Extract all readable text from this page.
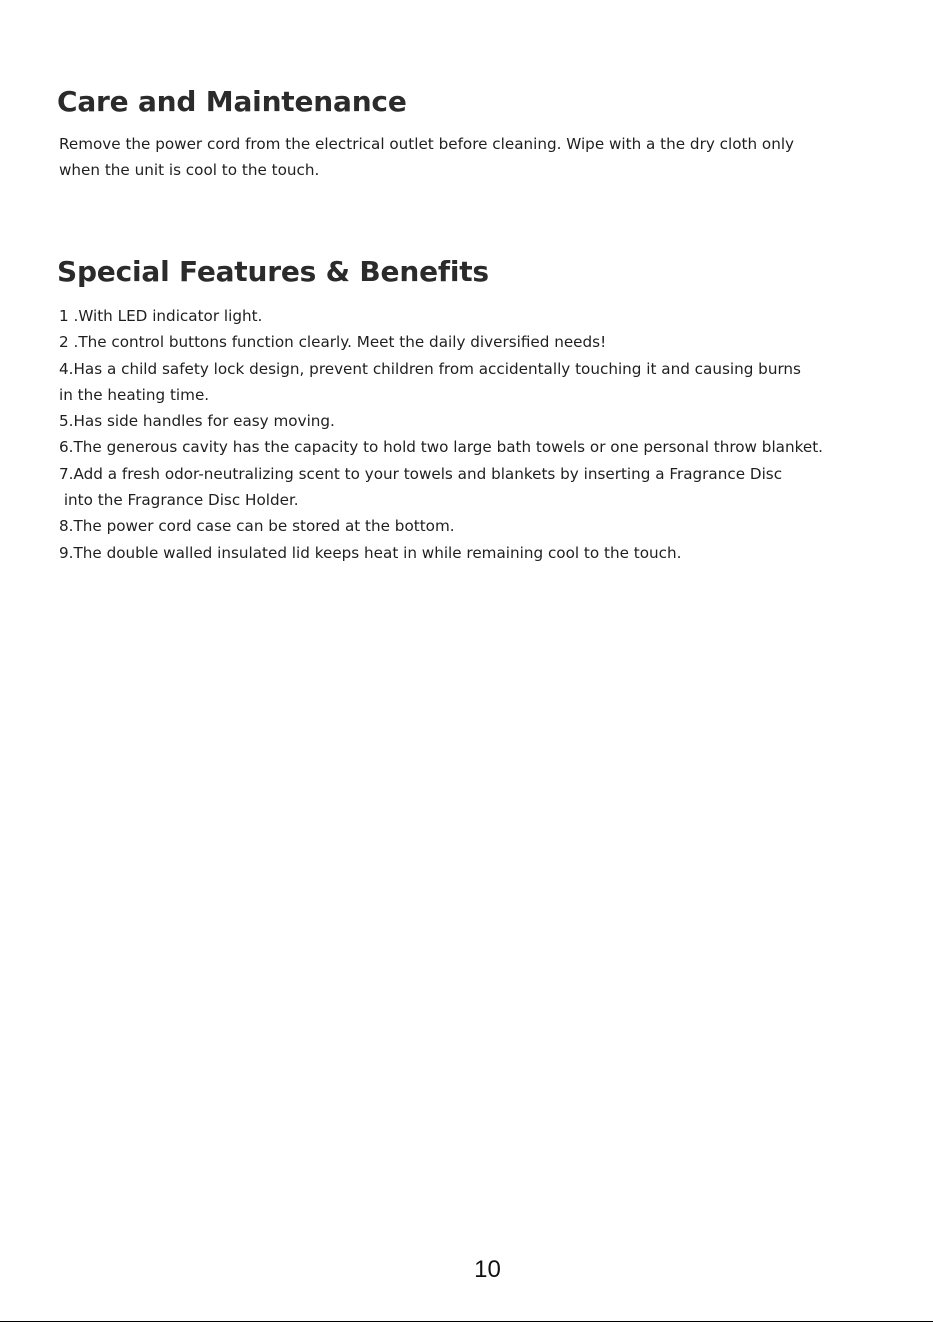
Care and Maintenance

Remove the power cord from the electrical outlet before cleaning. Wipe with a the dry cloth only
when the unit is cool to the touch.

Special Features & Benefits
1 .With LED indicator light.
2 .The control buttons function clearly. Meet the daily diversified needs!
4.Has a child safety lock design, prevent children from accidentally touching it and causing burns
in the heating time.
5.Has side handles for easy moving.
6.The generous cavity has the capacity to hold two large bath towels or one personal throw blanket.
7.Add a fresh odor-neutralizing scent to your towels and blankets by inserting a Fragrance Disc
into the Fragrance Disc Holder.
8.The power cord case can be stored at the bottom.
9.The double walled insulated lid keeps heat in while remaining cool to the touch.
10
